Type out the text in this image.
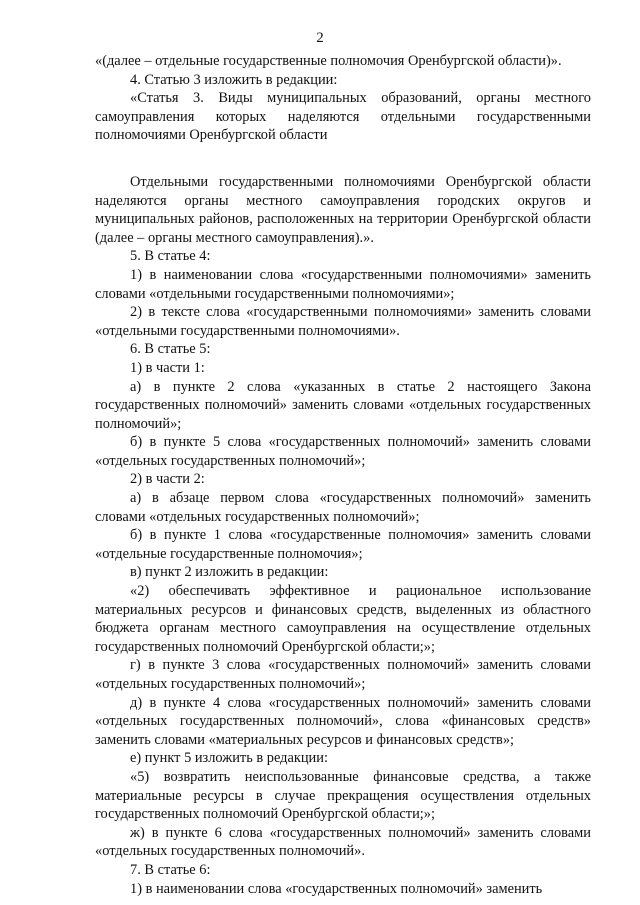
2

«(далее – отдельные государственные полномочия Оренбургской области)».

4. Статью 3 изложить в редакции:

«Статья 3. Виды муниципальных образований, органы местного самоуправления которых наделяются отдельными государственными полномочиями Оренбургской области

Отдельными государственными полномочиями Оренбургской области наделяются органы местного самоуправления городских округов и муниципальных районов, расположенных на территории Оренбургской области (далее – органы местного самоуправления).».

5. В статье 4:

1) в наименовании слова «государственными полномочиями» заменить словами «отдельными государственными полномочиями»;

2) в тексте слова «государственными полномочиями» заменить словами «отдельными государственными полномочиями».

6. В статье 5:

1) в части 1:

а) в пункте 2 слова «указанных в статье 2 настоящего Закона государственных полномочий» заменить словами «отдельных государственных полномочий»;

б) в пункте 5 слова «государственных полномочий» заменить словами «отдельных государственных полномочий»;

2) в части 2:

а) в абзаце первом слова «государственных полномочий» заменить словами «отдельных государственных полномочий»;

б) в пункте 1 слова «государственные полномочия» заменить словами «отдельные государственные полномочия»;

в) пункт 2 изложить в редакции:

«2) обеспечивать эффективное и рациональное использование материальных ресурсов и финансовых средств, выделенных из областного бюджета органам местного самоуправления на осуществление отдельных государственных полномочий Оренбургской области;»;

г) в пункте 3 слова «государственных полномочий» заменить словами «отдельных государственных полномочий»;

д) в пункте 4 слова «государственных полномочий» заменить словами «отдельных государственных полномочий», слова «финансовых средств» заменить словами «материальных ресурсов и финансовых средств»;

е) пункт 5 изложить в редакции:

«5) возвратить неиспользованные финансовые средства, а также материальные ресурсы в случае прекращения осуществления отдельных государственных полномочий Оренбургской области;»;

ж) в пункте 6 слова «государственных полномочий» заменить словами «отдельных государственных полномочий».

7. В статье 6:

1) в наименовании слова «государственных полномочий» заменить
